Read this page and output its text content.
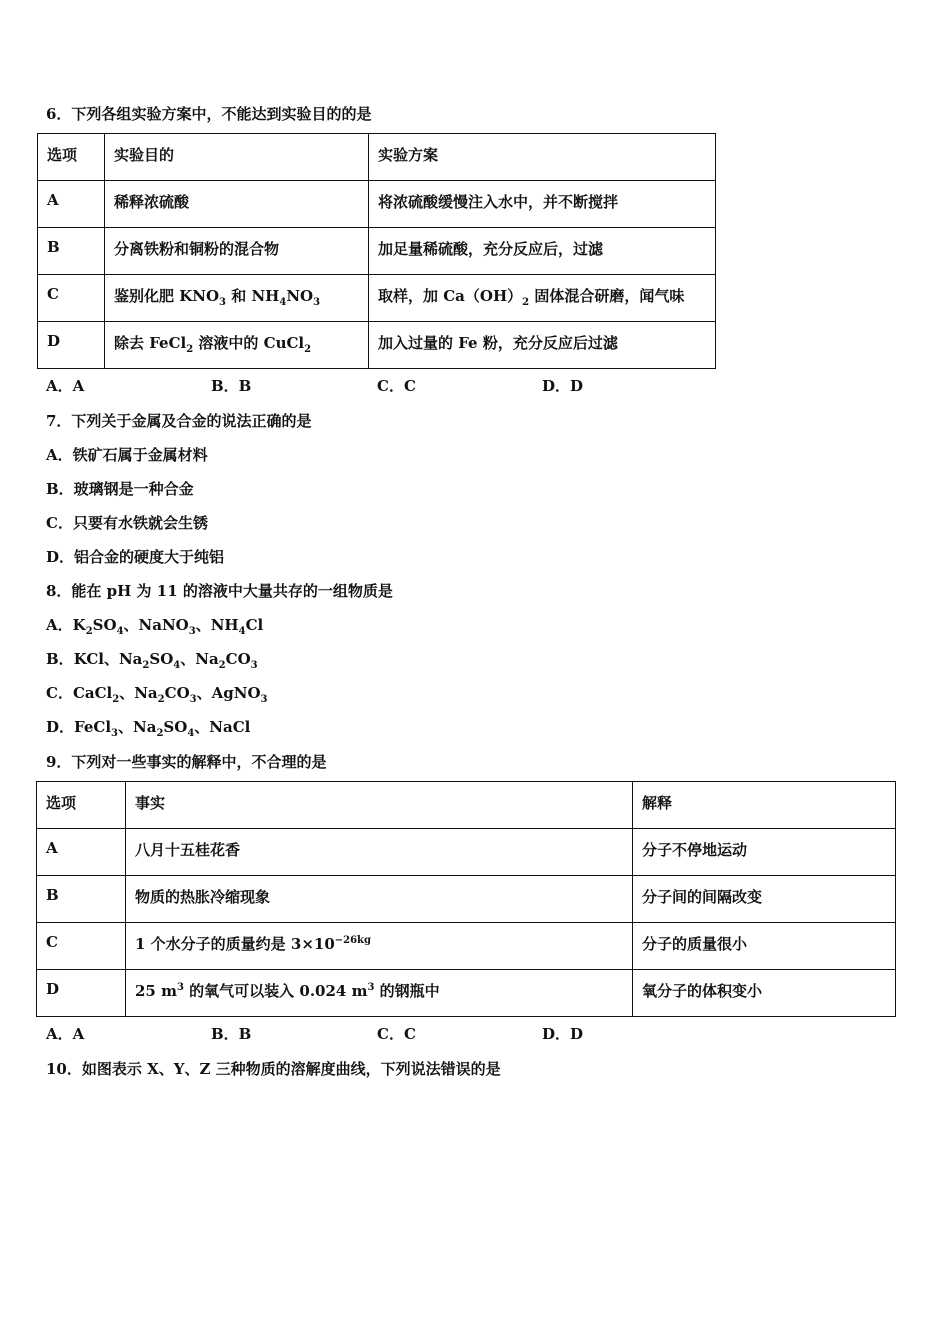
6．下列各组实验方案中，不能达到实验目的的是
选项	实验目的	实验方案
A	稀释浓硫酸	将浓硫酸缓慢注入水中，并不断搅拌
B	分离铁粉和铜粉的混合物	加足量稀硫酸，充分反应后，过滤
C	鉴别化肥 $KNO_3$ 和 $NH_4NO_3$	取样，加 $Ca(OH)_2$ 固体混合研磨，闻气味
D	除去 FeCl$_2$ 溶液中的 CuCl$_2$	加入过量的 Fe 粉，充分反应后过滤
A．A	B．B	C．C	D．D
7．下列关于金属及合金的说法正确的是
A．铁矿石属于金属材料
B．玻璃钢是一种合金
C．只要有水铁就会生锈
D．铝合金的硬度大于纯铝
8．能在 pH 为 11 的溶液中大量共存的一组物质是
A．$K_2SO_4$、NaNO$_3$、$NH_4Cl$
B．KCl、$Na_2SO_4$、$Na_2CO_3$
C．CaCl$_2$、$Na_2CO_3$、AgNO$_3$
D．FeCl$_3$、$Na_2SO_4$、NaCl
9．下列对一些事实的解释中，不合理的是
选项	事实	解释
A	八月十五桂花香	分子不停地运动
B	物质的热胀冷缩现象	分子间的间隔改变
C	1 个水分子的质量约是 $3\times 10^{-26kg}$	分子的质量很小
D	25 $m^3$ 的氧气可以装入 0.024 $m^3$ 的钢瓶中	氧分子的体积变小
A．A	B．B	C．C	D．D
10．如图表示 X、Y、Z 三种物质的溶解度曲线，下列说法错误的是
